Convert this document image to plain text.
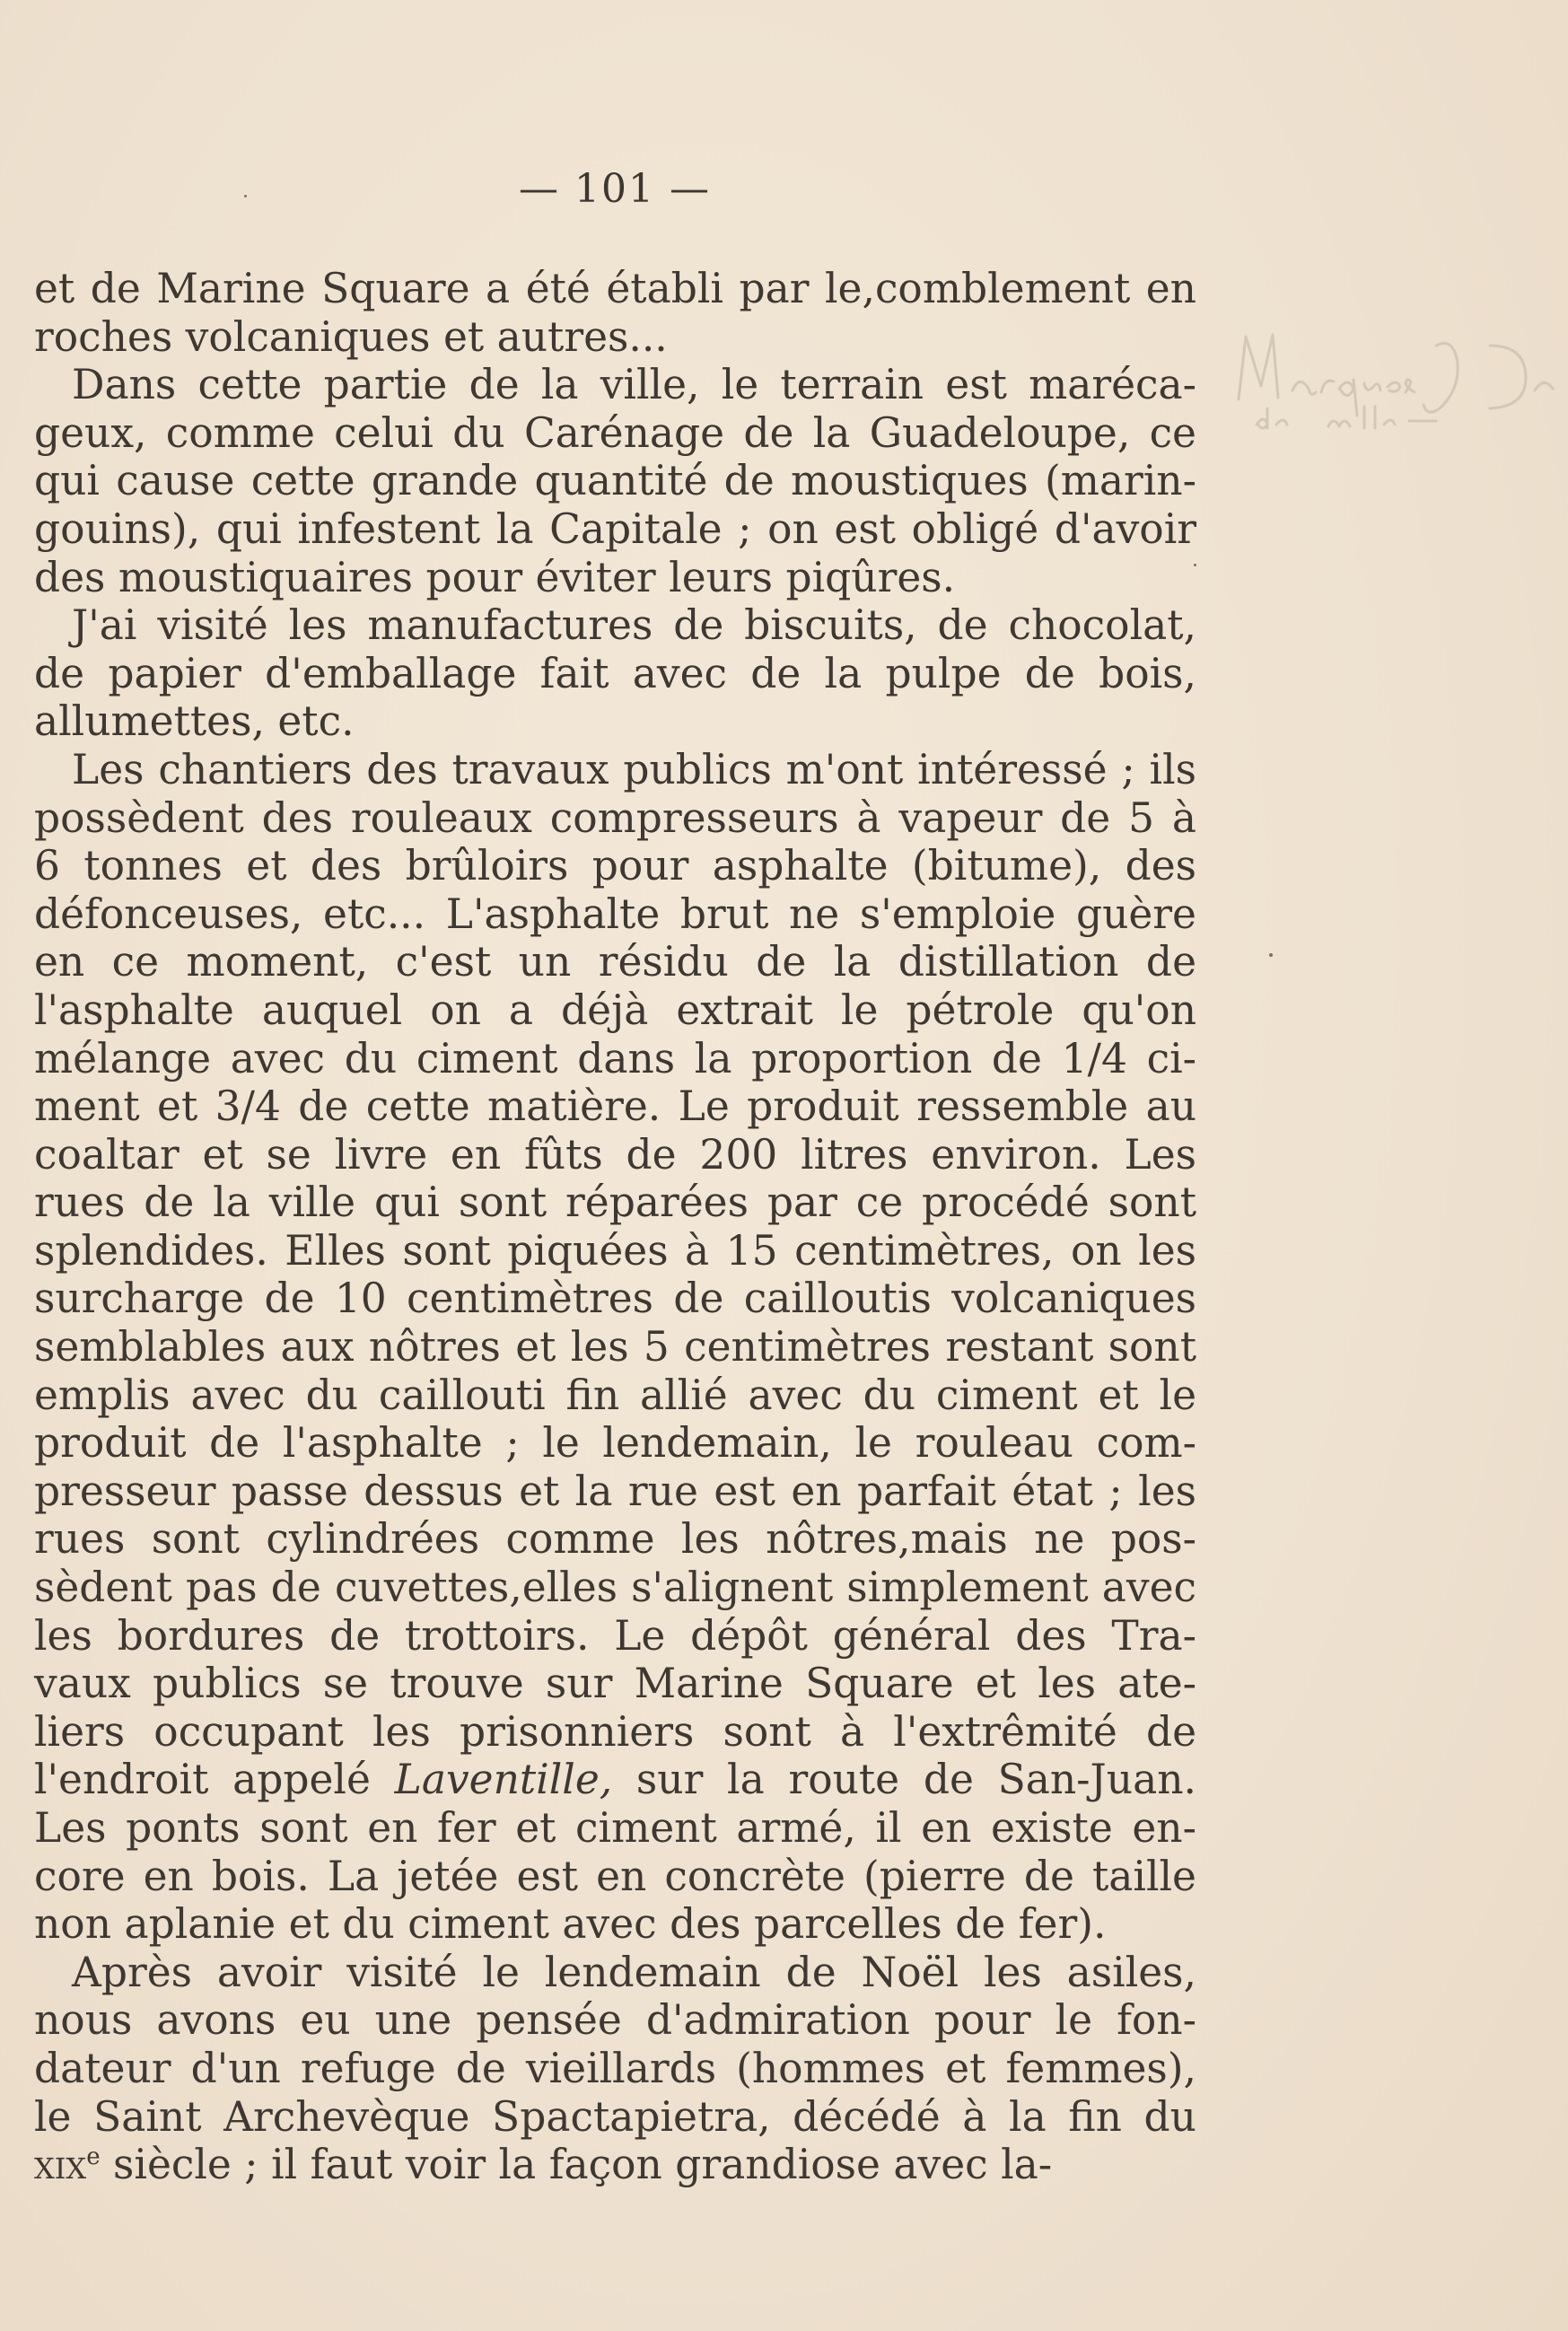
— 101 —

et de Marine Square a été établi par le,comblement en roches volcaniques et autres...

Dans cette partie de la ville, le terrain est maréca-geux, comme celui du Carénage de la Guadeloupe, ce qui cause cette grande quantité de moustiques (marin-gouins), qui infestent la Capitale ; on est obligé d'avoir des moustiquaires pour éviter leurs piqûres.

J'ai visité les manufactures de biscuits, de chocolat, de papier d'emballage fait avec de la pulpe de bois, allumettes, etc.

Les chantiers des travaux publics m'ont intéressé ; ils possèdent des rouleaux compresseurs à vapeur de 5 à 6 tonnes et des brûloirs pour asphalte (bitume), des défonceuses, etc... L'asphalte brut ne s'emploie guère en ce moment, c'est un résidu de la distillation de l'asphalte auquel on a déjà extrait le pétrole qu'on mélange avec du ciment dans la proportion de 1/4 ci-ment et 3/4 de cette matière. Le produit ressemble au coaltar et se livre en fûts de 200 litres environ. Les rues de la ville qui sont réparées par ce procédé sont splendides. Elles sont piquées à 15 centimètres, on les surcharge de 10 centimètres de cailloutis volcaniques semblables aux nôtres et les 5 centimètres restant sont emplis avec du caillouti fin allié avec du ciment et le produit de l'asphalte ; le lendemain, le rouleau com-presseur passe dessus et la rue est en parfait état ; les rues sont cylindrées comme les nôtres,mais ne pos-sèdent pas de cuvettes,elles s'alignent simplement avec les bordures de trottoirs. Le dépôt général des Tra-vaux publics se trouve sur Marine Square et les ate-liers occupant les prisonniers sont à l'extrêmité de l'endroit appelé Laventille, sur la route de San-Juan. Les ponts sont en fer et ciment armé, il en existe en-core en bois. La jetée est en concrète (pierre de taille non aplanie et du ciment avec des parcelles de fer).

Après avoir visité le lendemain de Noël les asiles, nous avons eu une pensée d'admiration pour le fon-dateur d'un refuge de vieillards (hommes et femmes), le Saint Archevèque Spactapietra, décédé à la fin du xix$^e$ siècle ; il faut voir la façon grandiose avec la-
